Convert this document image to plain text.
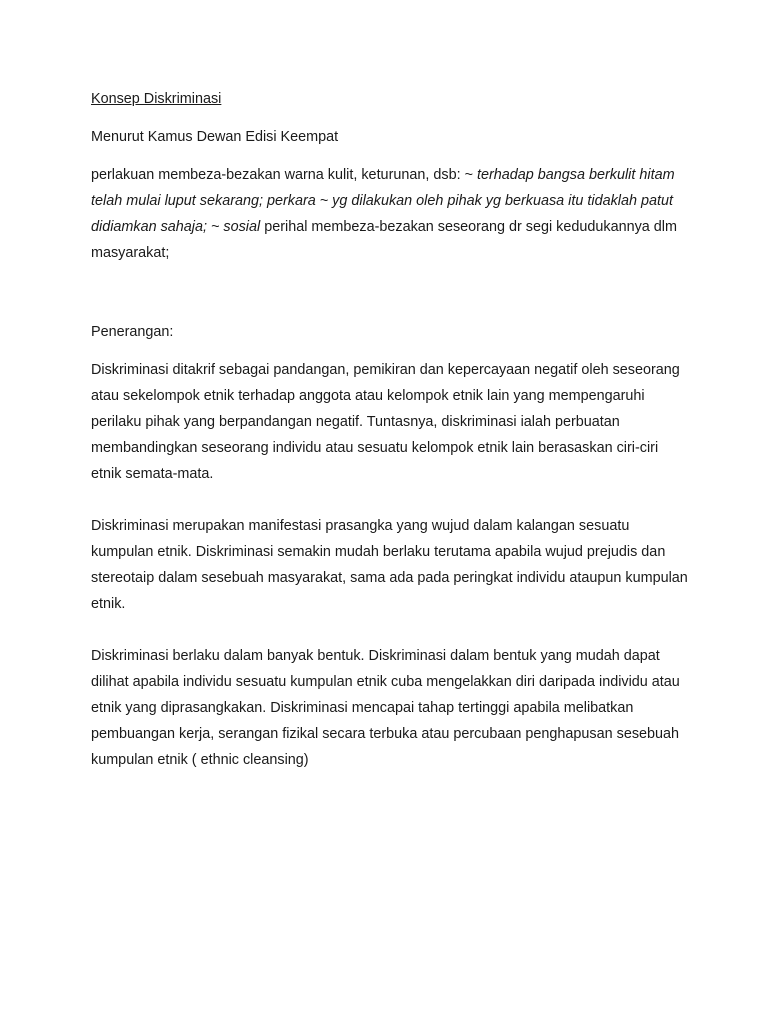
Konsep Diskriminasi

Menurut Kamus Dewan Edisi Keempat

perlakuan membeza-bezakan warna kulit, keturunan, dsb: ~ terhadap bangsa berkulit hitam telah mulai luput sekarang; perkara ~ yg dilakukan oleh pihak yg berkuasa itu tidaklah patut didiamkan sahaja; ~ sosial perihal membeza-bezakan seseorang dr segi kedudukannya dlm masyarakat;

Penerangan:

Diskriminasi ditakrif sebagai pandangan, pemikiran dan kepercayaan negatif oleh seseorang atau sekelompok etnik terhadap anggota atau kelompok etnik lain yang mempengaruhi perilaku pihak yang berpandangan negatif. Tuntasnya, diskriminasi ialah perbuatan membandingkan seseorang individu atau sesuatu kelompok etnik lain berasaskan ciri-ciri etnik semata-mata.

Diskriminasi merupakan manifestasi prasangka yang wujud dalam kalangan sesuatu kumpulan etnik. Diskriminasi semakin mudah berlaku terutama apabila wujud prejudis dan stereotaip dalam sesebuah masyarakat, sama ada pada peringkat individu ataupun kumpulan etnik.

Diskriminasi berlaku dalam banyak bentuk. Diskriminasi dalam bentuk yang mudah dapat dilihat apabila individu sesuatu kumpulan etnik cuba mengelakkan diri daripada individu atau etnik yang diprasangkakan. Diskriminasi mencapai tahap tertinggi apabila melibatkan pembuangan kerja, serangan fizikal secara terbuka atau percubaan penghapusan sesebuah kumpulan etnik ( ethnic cleansing)
